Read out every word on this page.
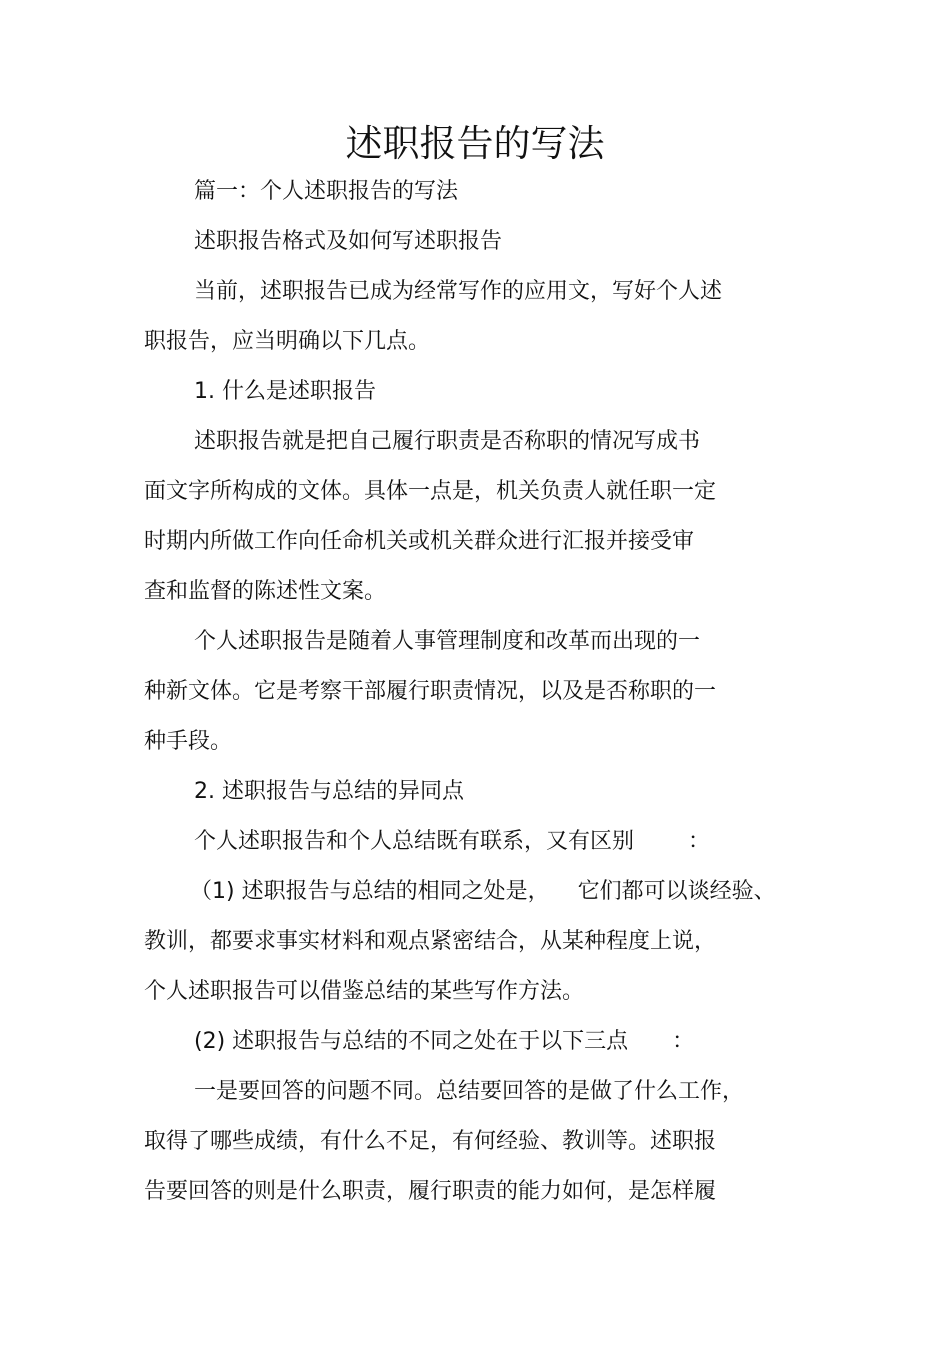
述职报告的写法
篇一：个人述职报告的写法
述职报告格式及如何写述职报告
当前，述职报告已成为经常写作的应用文，写好个人述
职报告，应当明确以下几点。
1. 什么是述职报告
述职报告就是把自己履行职责是否称职的情况写成书
面文字所构成的文体。具体一点是，机关负责人就任职一定
时期内所做工作向任命机关或机关群众进行汇报并接受审
查和监督的陈述性文案。
个人述职报告是随着人事管理制度和改革而出现的一
种新文体。它是考察干部履行职责情况，以及是否称职的一
种手段。
2. 述职报告与总结的异同点
个人述职报告和个人总结既有联系，又有区别 ：
（1) 述职报告与总结的相同之处是， 它们都可以谈经验、
教训，都要求事实材料和观点紧密结合，从某种程度上说，
个人述职报告可以借鉴总结的某些写作方法。
(2) 述职报告与总结的不同之处在于以下三点 ：
一是要回答的问题不同。总结要回答的是做了什么工作，
取得了哪些成绩，有什么不足，有何经验、教训等。述职报
告要回答的则是什么职责，履行职责的能力如何，是怎样履
